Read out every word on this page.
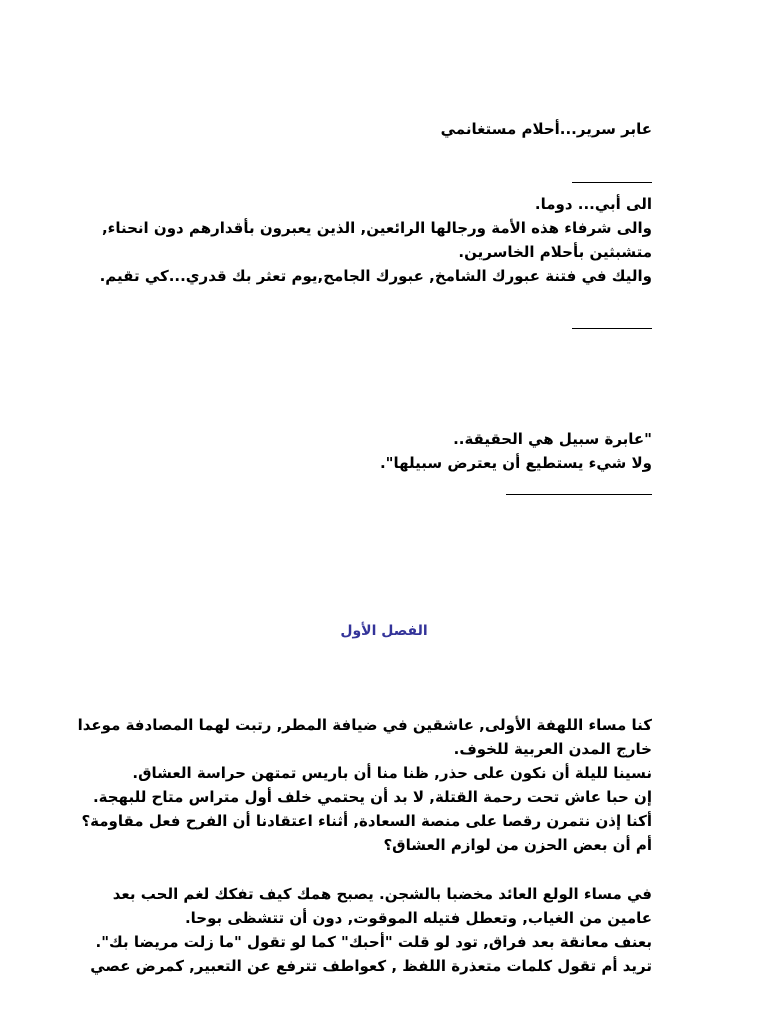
عابر سرير...أحلام مستغانمي
الى أبي... دوما.
والى شرفاء هذه الأمة ورجالها الرائعين, الذين يعبرون بأقدارهم دون انحناء,
متشبثين بأحلام الخاسرين.
واليك في فتنة عبورك الشامخ, عبورك الجامح,يوم تعثر بك قدري...كي تقيم.
"عابرة سبيل هي الحقيقة..
ولا شيء يستطيع أن يعترض سبيلها".
الفصل الأول
كنا مساء اللهفة الأولى, عاشقين في ضيافة المطر, رتبت لهما المصادفة موعدا
خارج المدن العربية للخوف.
نسينا لليلة أن نكون على حذر, ظنا منا أن باريس تمتهن حراسة العشاق.
إن حبا عاش تحت رحمة القتلة, لا بد أن يحتمي خلف أول متراس متاح للبهجة.
أكنا إذن نتمرن رقصا على منصة السعادة, أثناء اعتقادنا أن الفرح فعل مقاومة؟
أم أن بعض الحزن من لوازم العشاق؟
في مساء الولع العائد مخضبا بالشجن. يصبح همك كيف تفكك لغم الحب بعد
عامين من الغياب, وتعطل فتيله الموقوت, دون أن تتشظى بوحا.
بعنف معانقة بعد فراق, تود لو قلت "أحبك" كما لو تقول "ما زلت مريضا بك".
تريد أم تقول كلمات متعذرة اللفظ , كعواطف تترفع عن التعبير, كمرض عصي
